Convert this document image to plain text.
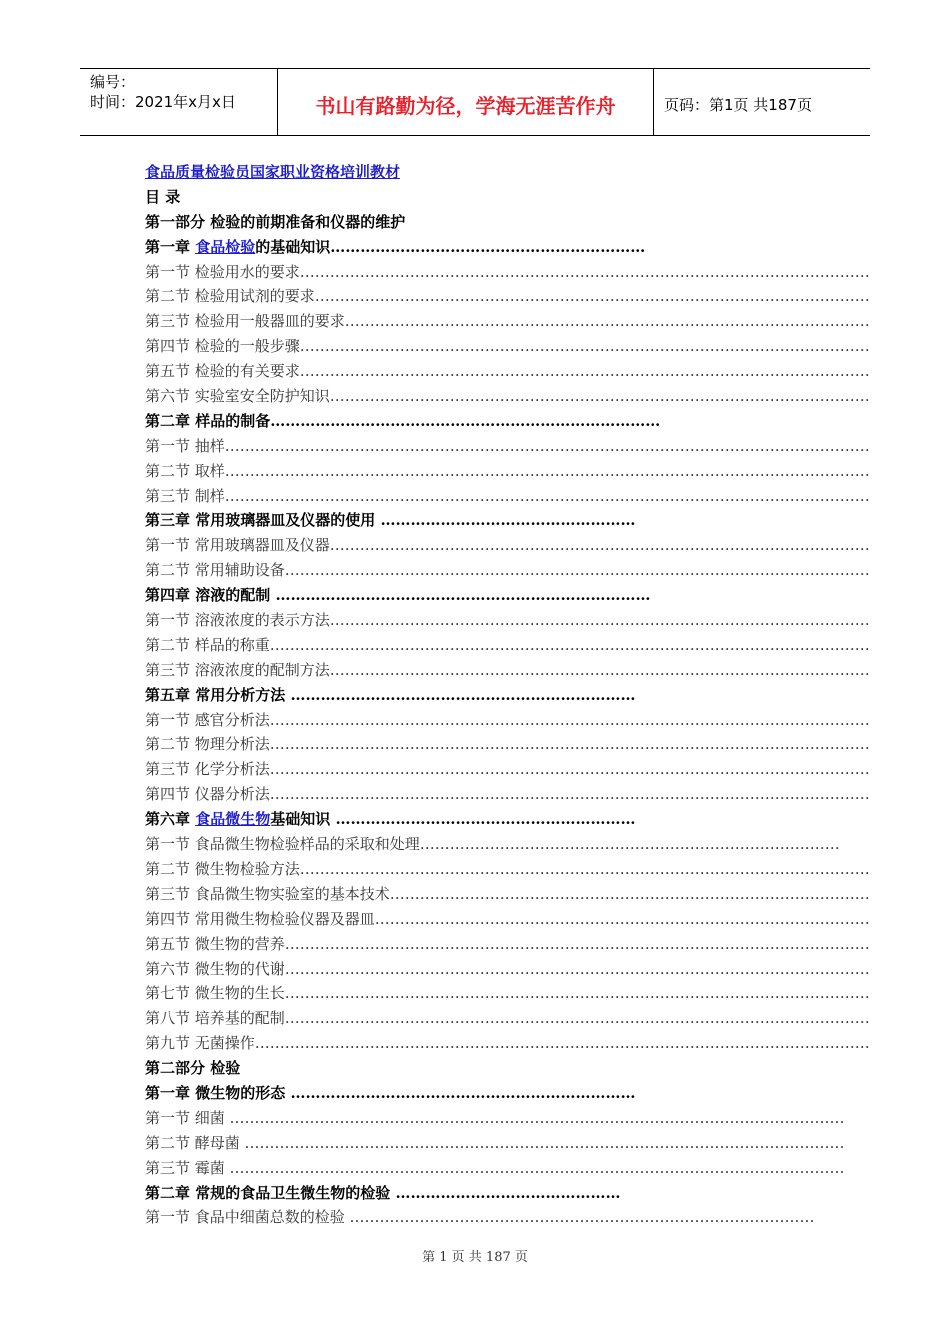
编号：
时间：2021年x月x日	书山有路勤为径，学海无涯苦作舟	页码：第1页 共187页
食品质量检验员国家职业资格培训教材
目 录
第一部分 检验的前期准备和仪器的维护
第一章 食品检验的基础知识………………………………………………………
第一节 检验用水的要求……………………………………………………………………………………………………
第二节 检验用试剂的要求…………………………………………………………………………………………………
第三节 检验用一般器皿的要求……………………………………………………………………………………………
第四节 检验的一般步骤……………………………………………………………………………………………………
第五节 检验的有关要求……………………………………………………………………………………………………
第六节 实验室安全防护知识………………………………………………………………………………………………
第二章 样品的制备……………………………………………………………………
第一节 抽样…………………………………………………………………………………………………………………
第二节 取样…………………………………………………………………………………………………………………
第三节 制样…………………………………………………………………………………………………………………
第三章 常用玻璃器皿及仪器的使用 ……………………………………………
第一节 常用玻璃器皿及仪器………………………………………………………………………………………………
第二节 常用辅助设备………………………………………………………………………………………………………
第四章 溶液的配制 …………………………………………………………………
第一节 溶液浓度的表示方法………………………………………………………………………………………………
第二节 样品的称重…………………………………………………………………………………………………………
第三节 溶液浓度的配制方法………………………………………………………………………………………………
第五章 常用分析方法 ……………………………………………………………
第一节 感官分析法…………………………………………………………………………………………………………
第二节 物理分析法…………………………………………………………………………………………………………
第三节 化学分析法…………………………………………………………………………………………………………
第四节 仪器分析法…………………………………………………………………………………………………………
第六章 食品微生物基础知识 ……………………………………………………
第一节 食品微生物检验样品的采取和处理…………………………………………………………………………
第二节 微生物检验方法……………………………………………………………………………………………………
第三节 食品微生物实验室的基本技术……………………………………………………………………………………
第四节 常用微生物检验仪器及器皿………………………………………………………………………………………
第五节 微生物的营养………………………………………………………………………………………………………
第六节 微生物的代谢………………………………………………………………………………………………………
第七节 微生物的生长………………………………………………………………………………………………………
第八节 培养基的配制………………………………………………………………………………………………………
第九节 无菌操作……………………………………………………………………………………………………………
第二部分 检验
第一章 微生物的形态 ……………………………………………………………
第一节 细菌 ……………………………………………………………………………………………………………
第二节 酵母菌 …………………………………………………………………………………………………………
第三节 霉菌 ……………………………………………………………………………………………………………
第二章 常规的食品卫生微生物的检验 ………………………………………
第一节 食品中细菌总数的检验 …………………………………………………………………………………
第 1 页 共 187 页
